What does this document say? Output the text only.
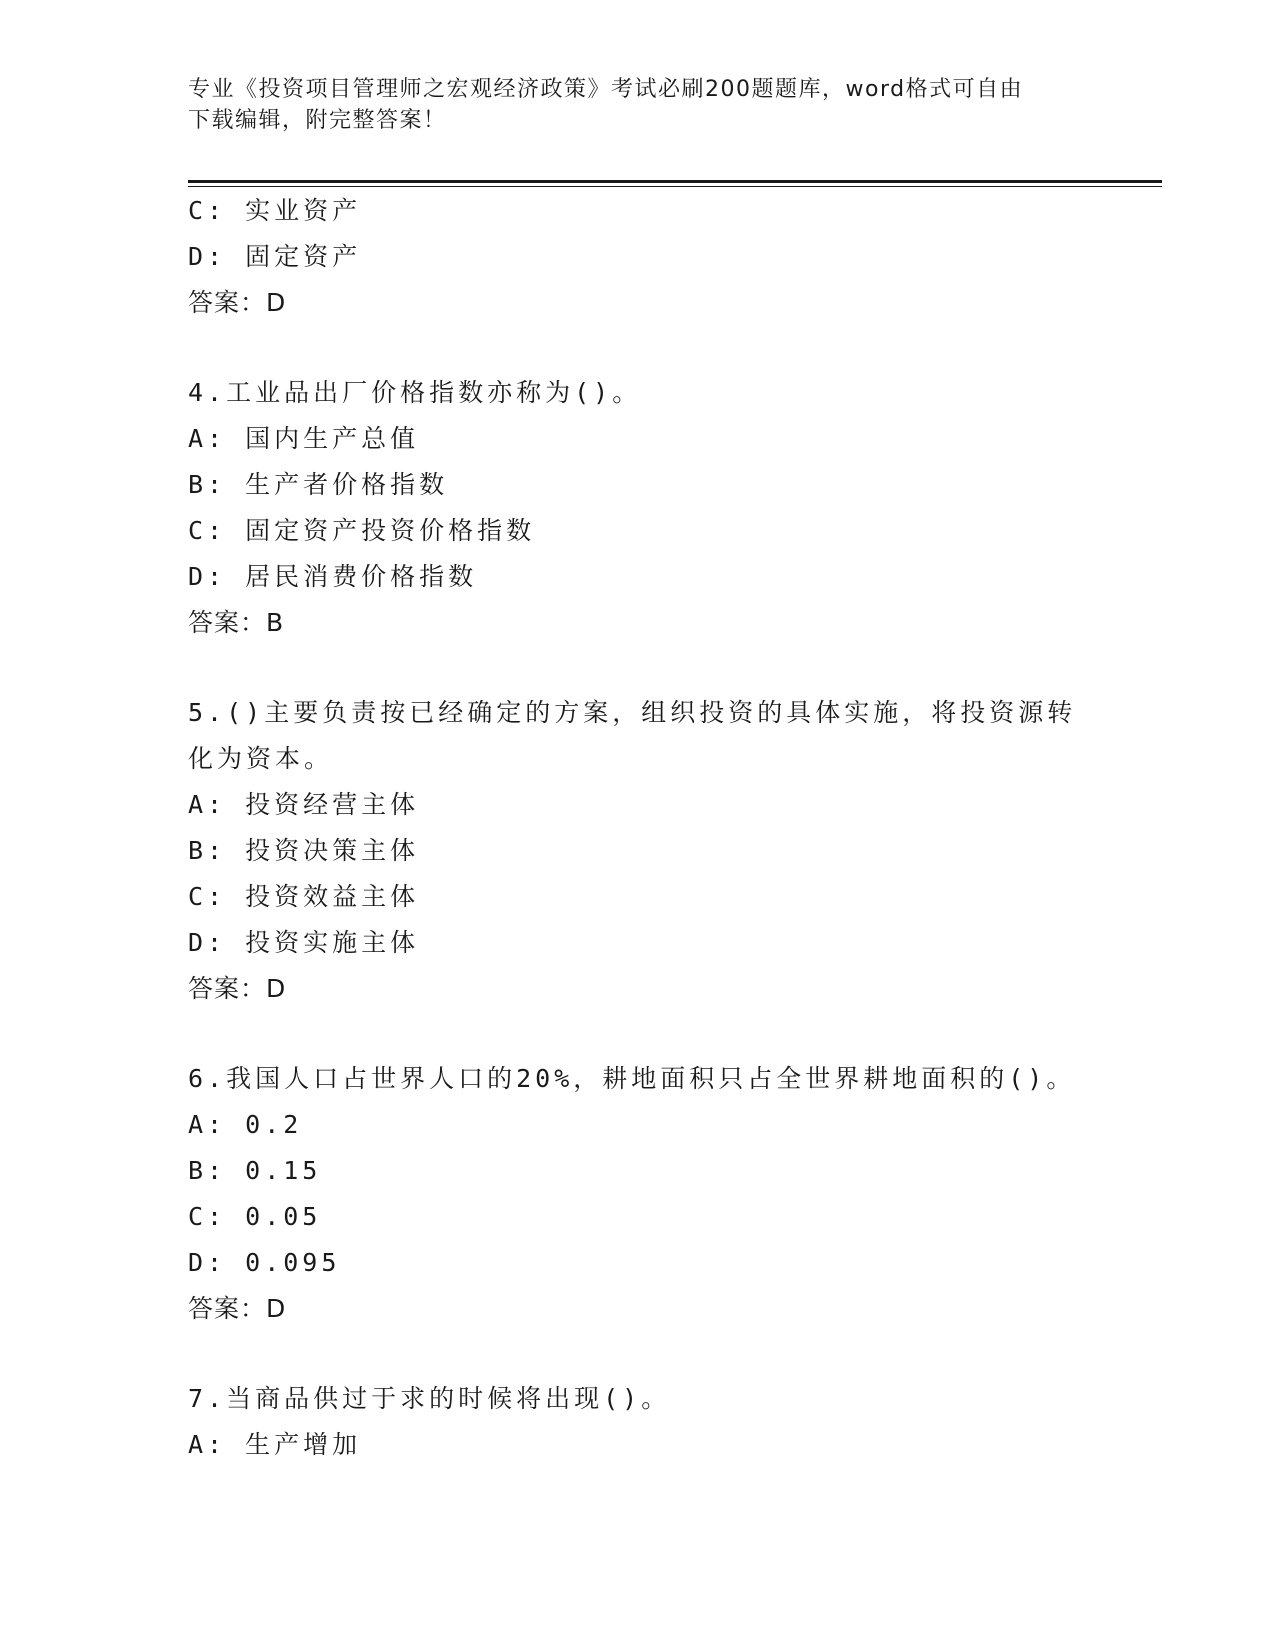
专业《投资项目管理师之宏观经济政策》考试必刷200题题库，word格式可自由
下载编辑，附完整答案！
C: 实业资产
D: 固定资产
答案：D
4.工业品出厂价格指数亦称为()。
A: 国内生产总值
B: 生产者价格指数
C: 固定资产投资价格指数
D: 居民消费价格指数
答案：B
5.()主要负责按已经确定的方案，组织投资的具体实施，将投资源转
化为资本。
A: 投资经营主体
B: 投资决策主体
C: 投资效益主体
D: 投资实施主体
答案：D
6.我国人口占世界人口的20%，耕地面积只占全世界耕地面积的()。
A: 0.2
B: 0.15
C: 0.05
D: 0.095
答案：D
7.当商品供过于求的时候将出现()。
A: 生产增加
